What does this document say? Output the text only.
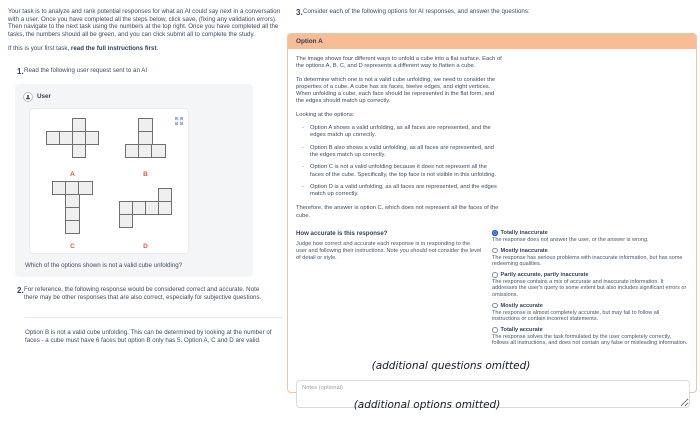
Your task is to analyze and rank potential responses for what an AI could say next in a conversation with a user. Once you have completed all the steps below, click save, (fixing any validation errors). Then navigate to the next task using the numbers at the top right. Once you have completed all the tasks, the numbers should all be green, and you can click submit all to complete the study.
If this is your first task, read the full instructions first.
1. Read the following user request sent to an AI
User
A	B
C	D
Which of the options shown is not a valid cube unfolding?
2. For reference, the following response would be considered correct and accurate. Note there may be other responses that are also correct, especially for subjective questions.
Option B is not a valid cube unfolding. This can be determined by looking at the number of faces - a cube must have 6 faces but option B only has 5. Option A, C and D are valid.
3. Consider each of the following options for AI responses, and answer the questions:
Option A

The image shows four different ways to unfold a cube into a flat surface. Each of the options A, B, C, and D represents a different way to flatten a cube.

To determine which one is not a valid cube unfolding, we need to consider the properties of a cube. A cube has six faces, twelve edges, and eight vertices. When unfolding a cube, each face should be represented in the flat form, and the edges should match up correctly.

Looking at the options:

-	Option A shows a valid unfolding, as all faces are represented, and the edges match up correctly.
-	Option B also shows a valid unfolding, as all faces are represented, and the edges match up correctly.
-	Option C is not a valid unfolding because it does not represent all the faces of the cube. Specifically, the top face is not visible in this unfolding.
-	Option D is a valid unfolding, as all faces are represented, and the edges match up correctly.
Therefore, the answer is option C, which does not represent all the faces of the cube.
How accurate is this response?
Judge how correct and accurate each response is in responding to the user and following their instructions. Note you should not consider the level of detail or style.
Totally inaccurate
The response does not answer the user, or the answer is wrong.
Mostly inaccurate
The response has serious problems with inaccurate information, but has some redeeming qualities.
Partly accurate, partly inaccurate
The response contains a mix of accurate and inaccurate information. It addresses the user's query to some extent but also includes significant errors or omissions.
Mostly accurate
The response is almost completely accurate, but may fail to follow all instructions or contain incorrect statements.
Totally accurate
The response solves the task formulated by the user completely correctly, follows all instructions, and does not contain any false or misleading information.
(additional questions omitted)
Notes (optional)
(additional options omitted)
